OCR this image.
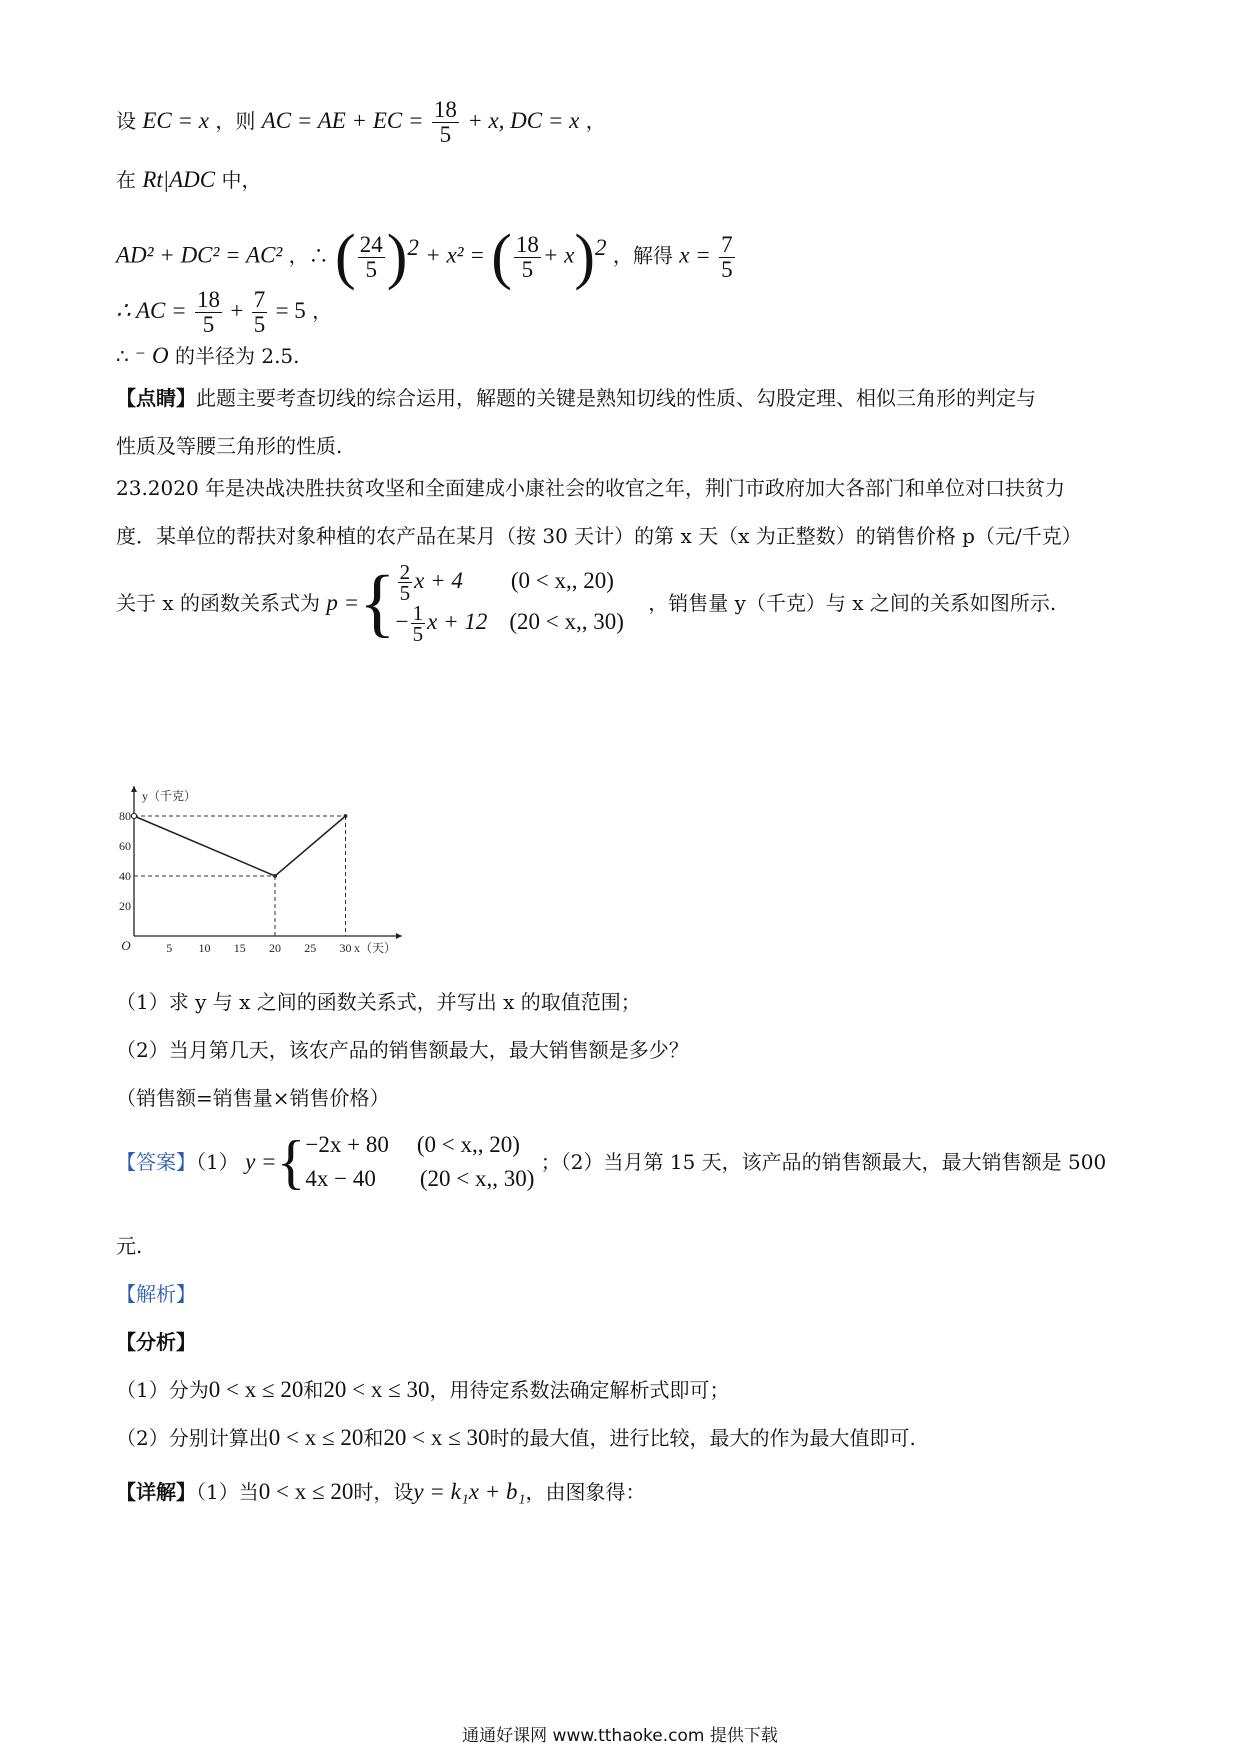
设 EC = x ，则 AC = AE + EC = $\frac{18}{5} + x$, DC = x ，
在 Rt|ADC 中，
AD² + DC² = AC² ，∴ ( $\frac{24}{5} )^2 + x^2$ = ( $\frac{18}{5} + x)^2$ ，解得 $x = \frac{7}{5}$
∴ AC = $\frac{18}{5} + \frac{7}{5} = 5$ ，
∴ ⁻ O 的半径为 2.5.
【点睛】此题主要考查切线的综合运用，解题的关键是熟知切线的性质、勾股定理、相似三角形的判定与
性质及等腰三角形的性质.
23.2020 年是决战决胜扶贫攻坚和全面建成小康社会的收官之年，荆门市政府加大各部门和单位对口扶贫力
度．某单位的帮扶对象种植的农产品在某月（按 30 天计）的第 x 天（x 为正整数）的销售价格 p（元/千克）
关于 x 的函数关系式为 p ={ $\frac{2}{5}$ x + 4 (0 < x,, 20)
− $\frac{1}{5}$ x + 12 (20 < x,, 30)
，销售量 y（千克）与 x 之间的关系如图所示.
5 10 15 20 25 30
20
40
60
80
O
y（千克）
x（天）
（1）求 y 与 x 之间的函数关系式，并写出 x 的取值范围；
（2）当月第几天，该农产品的销售额最大，最大销售额是多少？
（销售额=销售量×销售价格）
【答案】（1） y ={ −2x + 80 (0 < x,, 20)
4x − 40 (20 < x,, 30)
；（2）当月第 15 天，该产品的销售额最大，最大销售额是 500
元.
【解析】
【分析】
（1）分为0 < x ≤ 20和20 < x ≤ 30，用待定系数法确定解析式即可；
（2）分别计算出0 < x ≤ 20和20 < x ≤ 30时的最大值，进行比较，最大的作为最大值即可.
【详解】（1）当0 < x ≤ 20时，设y = k₁x + b₁，由图象得：
通通好课网 www.tthaoke.com 提供下载
